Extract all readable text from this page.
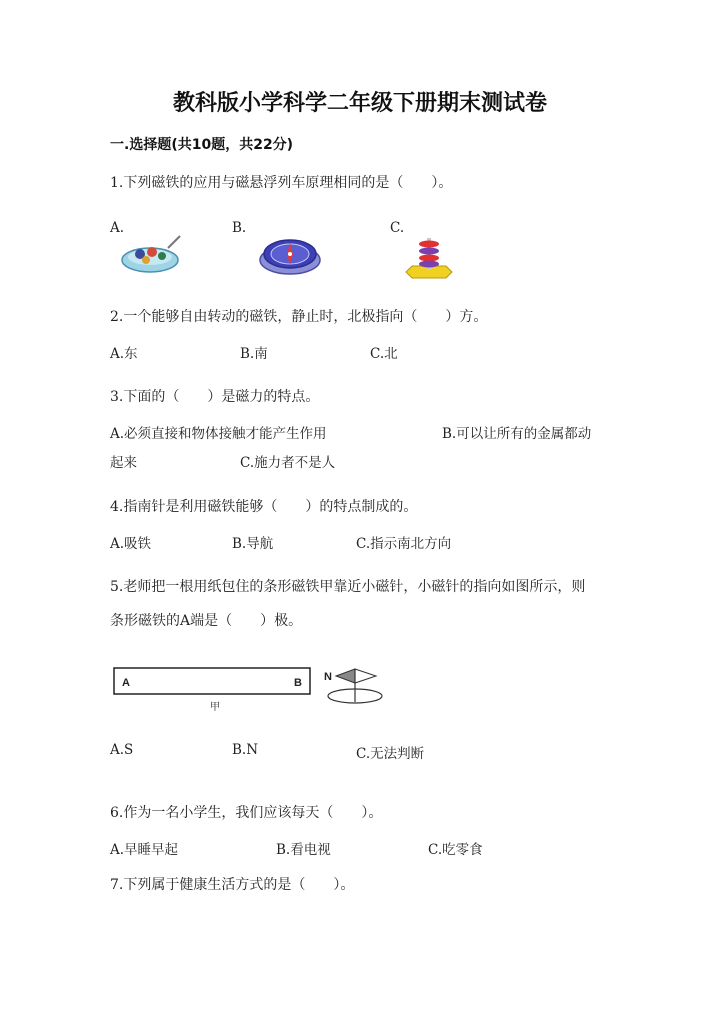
教科版小学科学二年级下册期末测试卷
一.选择题(共10题，共22分)
1.下列磁铁的应用与磁悬浮列车原理相同的是（　　）。
A.	B.	C.
2.一个能够自由转动的磁铁，静止时，北极指向（　　）方。
A.东	B.南	C.北
3.下面的（　　）是磁力的特点。
A.必须直接和物体接触才能产生作用	B.可以让所有的金属都动
起来	C.施力者不是人
4.指南针是利用磁铁能够（　　）的特点制成的。
A.吸铁	B.导航	C.指示南北方向
5.老师把一根用纸包住的条形磁铁甲靠近小磁针，小磁针的指向如图所示，则
条形磁铁的A端是（　　）极。
A	B
甲
N
A.S	B.N	C.无法判断
6.作为一名小学生，我们应该每天（　　）。
A.早睡早起	B.看电视	C.吃零食
7.下列属于健康生活方式的是（　　）。
